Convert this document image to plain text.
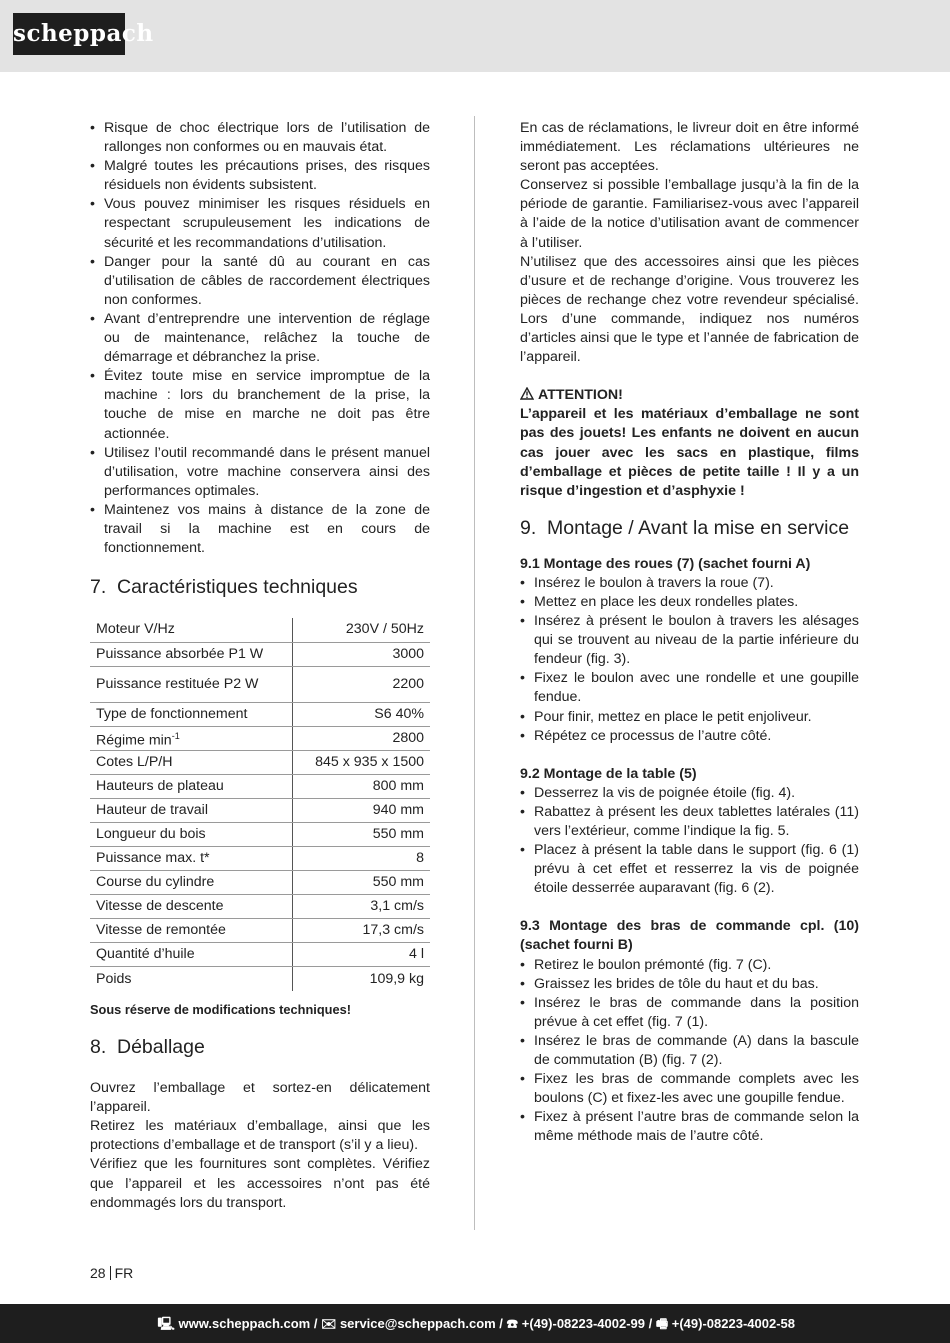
scheppach
• Risque de choc électrique lors de l’utilisation de rallonges non conformes ou en mauvais état.
• Malgré toutes les précautions prises, des risques résiduels non évidents subsistent.
• Vous pouvez minimiser les risques résiduels en respectant scrupuleusement les indications de sécurité et les recommandations d’utilisation.
• Danger pour la santé dû au courant en cas d’utilisation de câbles de raccordement électriques non conformes.
• Avant d’entreprendre une intervention de réglage ou de maintenance, relâchez la touche de démarrage et débranchez la prise.
• Évitez toute mise en service impromptue de la machine : lors du branchement de la prise, la touche de mise en marche ne doit pas être actionnée.
• Utilisez l’outil recommandé dans le présent manuel d’utilisation, votre machine conservera ainsi des performances optimales.
• Maintenez vos mains à distance de la zone de travail si la machine est en cours de fonctionnement.
7. Caractéristiques techniques
Moteur V/Hz	230V / 50Hz
Puissance absorbée P1 W	3000
Puissance restituée P2 W	2200
Type de fonctionnement	S6 40%
Régime $\min^{-1}$	2800
Cotes L/P/H	845 x 935 x 1500
Hauteurs de plateau	800 mm
Hauteur de travail	940 mm
Longueur du bois	550 mm
Puissance max. t*	8
Course du cylindre	550 mm
Vitesse de descente	3,1 cm/s
Vitesse de remontée	17,3 cm/s
Quantité d’huile	4 l
Poids	109,9 kg

Sous réserve de modifications techniques!

8. Déballage

Ouvrez l’emballage et sortez-en délicatement l’appareil.
Retirez les matériaux d’emballage, ainsi que les protections d’emballage et de transport (s’il y a lieu).
Vérifiez que les fournitures sont complètes. Vérifiez que l’appareil et les accessoires n’ont pas été endommagés lors du transport.

En cas de réclamations, le livreur doit en être informé immédiatement. Les réclamations ultérieures ne seront pas acceptées.
Conservez si possible l’emballage jusqu’à la fin de la période de garantie. Familiarisez-vous avec l’appareil à l’aide de la notice d’utilisation avant de commencer à l’utiliser.
N’utilisez que des accessoires ainsi que les pièces d’usure et de rechange d’origine. Vous trouverez les pièces de rechange chez votre revendeur spécialisé. Lors d’une commande, indiquez nos numéros d’articles ainsi que le type et l’année de fabrication de l’appareil.

ATTENTION!

L’appareil et les matériaux d’emballage ne sont pas des jouets! Les enfants ne doivent en aucun cas jouer avec les sacs en plastique, films d’emballage et pièces de petite taille ! Il y a un risque d’ingestion et d’asphyxie !

9. Montage / Avant la mise en service
9.1 Montage des roues (7) (sachet fourni A)
• Insérez le boulon à travers la roue (7).
• Mettez en place les deux rondelles plates.
• Insérez à présent le boulon à travers les alésages qui se trouvent au niveau de la partie inférieure du fendeur (fig. 3).
• Fixez le boulon avec une rondelle et une goupille fendue.
• Pour finir, mettez en place le petit enjoliveur.
• Répétez ce processus de l’autre côté.
9.2 Montage de la table (5)
• Desserrez la vis de poignée étoile (fig. 4).
• Rabattez à présent les deux tablettes latérales (11) vers l’extérieur, comme l’indique la fig. 5.
• Placez à présent la table dans le support (fig. 6 (1) prévu à cet effet et resserrez la vis de poignée étoile desserrée auparavant (fig. 6 (2).
9.3 Montage des bras de commande cpl. (10) (sachet fourni B)
• Retirez le boulon prémonté (fig. 7 (C).
• Graissez les brides de tôle du haut et du bas.
• Insérez le bras de commande dans la position prévue à cet effet (fig. 7 (1).
• Insérez le bras de commande (A) dans la bascule de commutation (B) (fig. 7 (2).
• Fixez les bras de commande complets avec les boulons (C) et fixez-les avec une goupille fendue.
• Fixez à présent l’autre bras de commande selon la même méthode mais de l’autre côté.
28 FR
🖳 www.scheppach.com / ✉ service@scheppach.com / ☎ +(49)-08223-4002-99 / 🖷 +(49)-08223-4002-58
